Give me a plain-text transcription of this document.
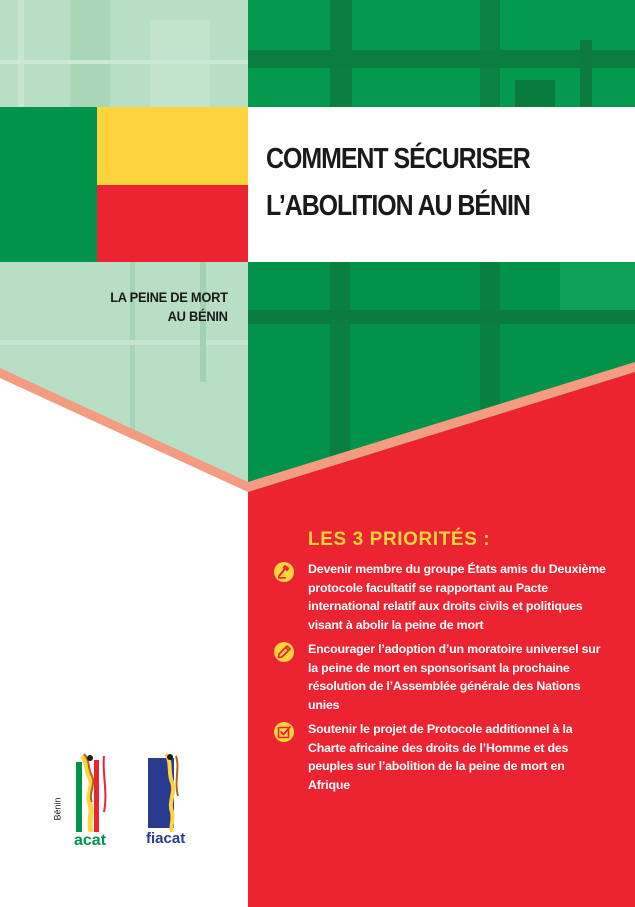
COMMENT SÉCURISER
L’ABOLITION AU BÉNIN
LA PEINE DE MORT
AU BÉNIN
LES 3 PRIORITÉS :
Devenir membre du groupe États amis du Deuxième protocole facultatif se rapportant au Pacte international relatif aux droits civils et politiques visant à abolir la peine de mort
Encourager l’adoption d’un moratoire universel sur la peine de mort en sponsorisant la prochaine résolution de l’Assemblée générale des Nations unies
Soutenir le projet de Protocole additionnel à la Charte africaine des droits de l’Homme et des peuples sur l’abolition de la peine de mort en Afrique
Bénin
acat	fiacat
